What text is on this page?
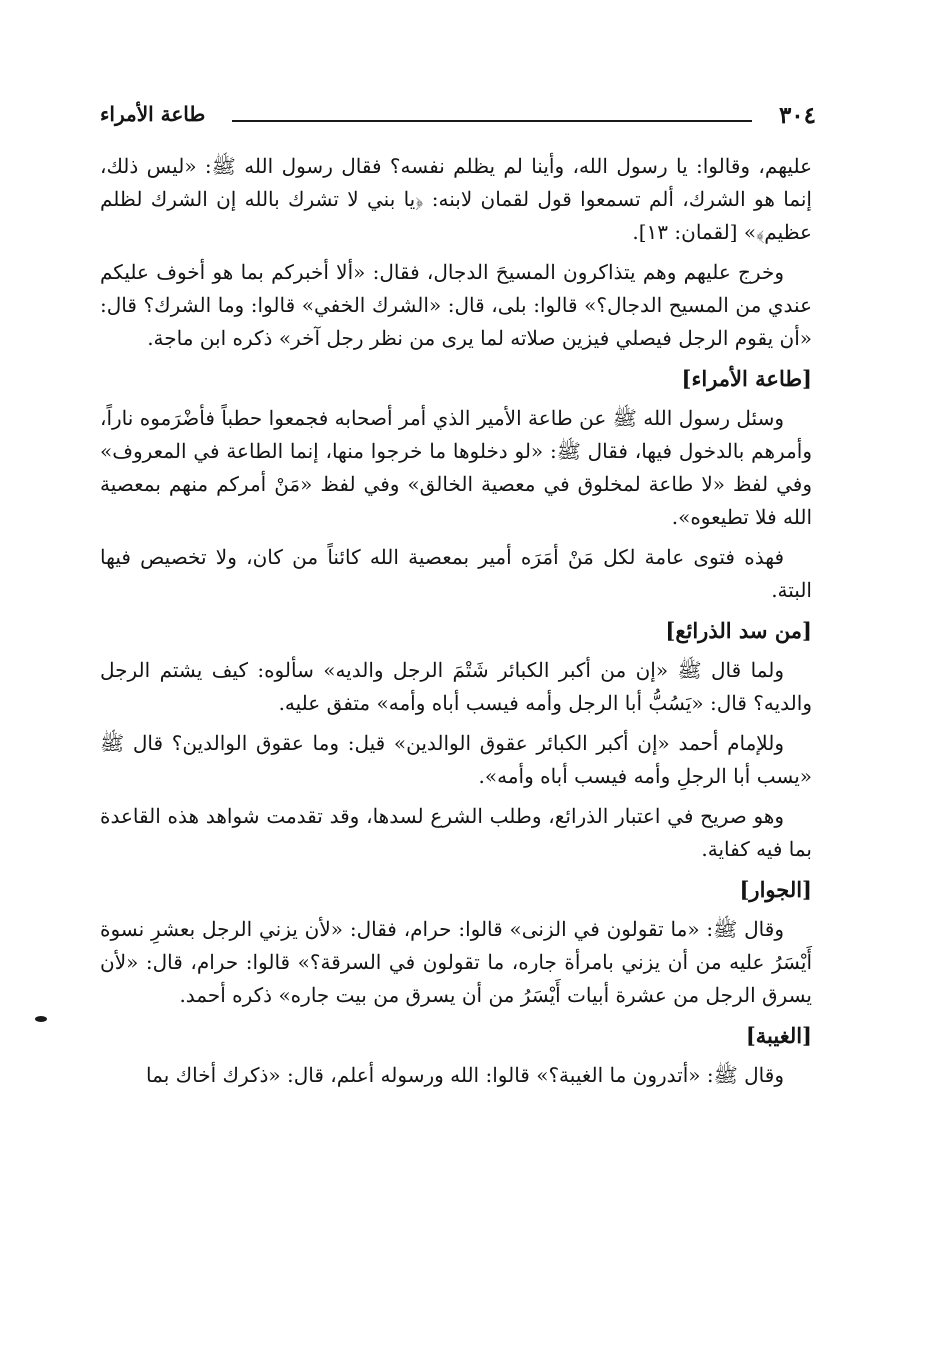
٣٠٤
طاعة الأمراء

عليهم، وقالوا: يا رسول الله، وأينا لم يظلم نفسه؟ فقال رسول الله ﷺ: «ليس ذلك، إنما هو الشرك، ألم تسمعوا قول لقمان لابنه: ﴿يا بني لا تشرك بالله إن الشرك لظلم عظيم﴾» [لقمان: ١٣].

وخرج عليهم وهم يتذاكرون المسيحَ الدجال، فقال: «ألا أخبركم بما هو أخوف عليكم عندي من المسيح الدجال؟» قالوا: بلى، قال: «الشرك الخفي» قالوا: وما الشرك؟ قال: «أن يقوم الرجل فيصلي فيزين صلاته لما يرى من نظر رجل آخر» ذكره ابن ماجة.

[طاعة الأمراء]

وسئل رسول الله ﷺ عن طاعة الأمير الذي أمر أصحابه فجمعوا حطباً فأضْرَموه ناراً، وأمرهم بالدخول فيها، فقال ﷺ: «لو دخلوها ما خرجوا منها، إنما الطاعة في المعروف» وفي لفظ «لا طاعة لمخلوق في معصية الخالق» وفي لفظ «مَنْ أمركم منهم بمعصية الله فلا تطيعوه».

فهذه فتوى عامة لكل مَنْ أمَرَه أمير بمعصية الله كائناً من كان، ولا تخصيص فيها البتة.

[من سد الذرائع]

ولما قال ﷺ «إن من أكبر الكبائر شَتْمَ الرجل والديه» سألوه: كيف يشتم الرجل والديه؟ قال: «يَسُبُّ أبا الرجل وأمه فيسب أباه وأمه» متفق عليه.

وللإمام أحمد «إن أكبر الكبائر عقوق الوالدين» قيل: وما عقوق الوالدين؟ قال ﷺ «يسب أبا الرجلِ وأمه فيسب أباه وأمه».

وهو صريح في اعتبار الذرائع، وطلب الشرع لسدها، وقد تقدمت شواهد هذه القاعدة بما فيه كفاية.

[الجوار]

وقال ﷺ: «ما تقولون في الزنى» قالوا: حرام، فقال: «لأن يزني الرجل بعشرِ نسوة أَيْسَرُ عليه من أن يزني بامرأة جاره، ما تقولون في السرقة؟» قالوا: حرام، قال: «لأن يسرق الرجل من عشرة أبيات أَيْسَرُ من أن يسرق من بيت جاره» ذكره أحمد.

[الغيبة]

وقال ﷺ: «أتدرون ما الغيبة؟» قالوا: الله ورسوله أعلم، قال: «ذكرك أخاك بما
